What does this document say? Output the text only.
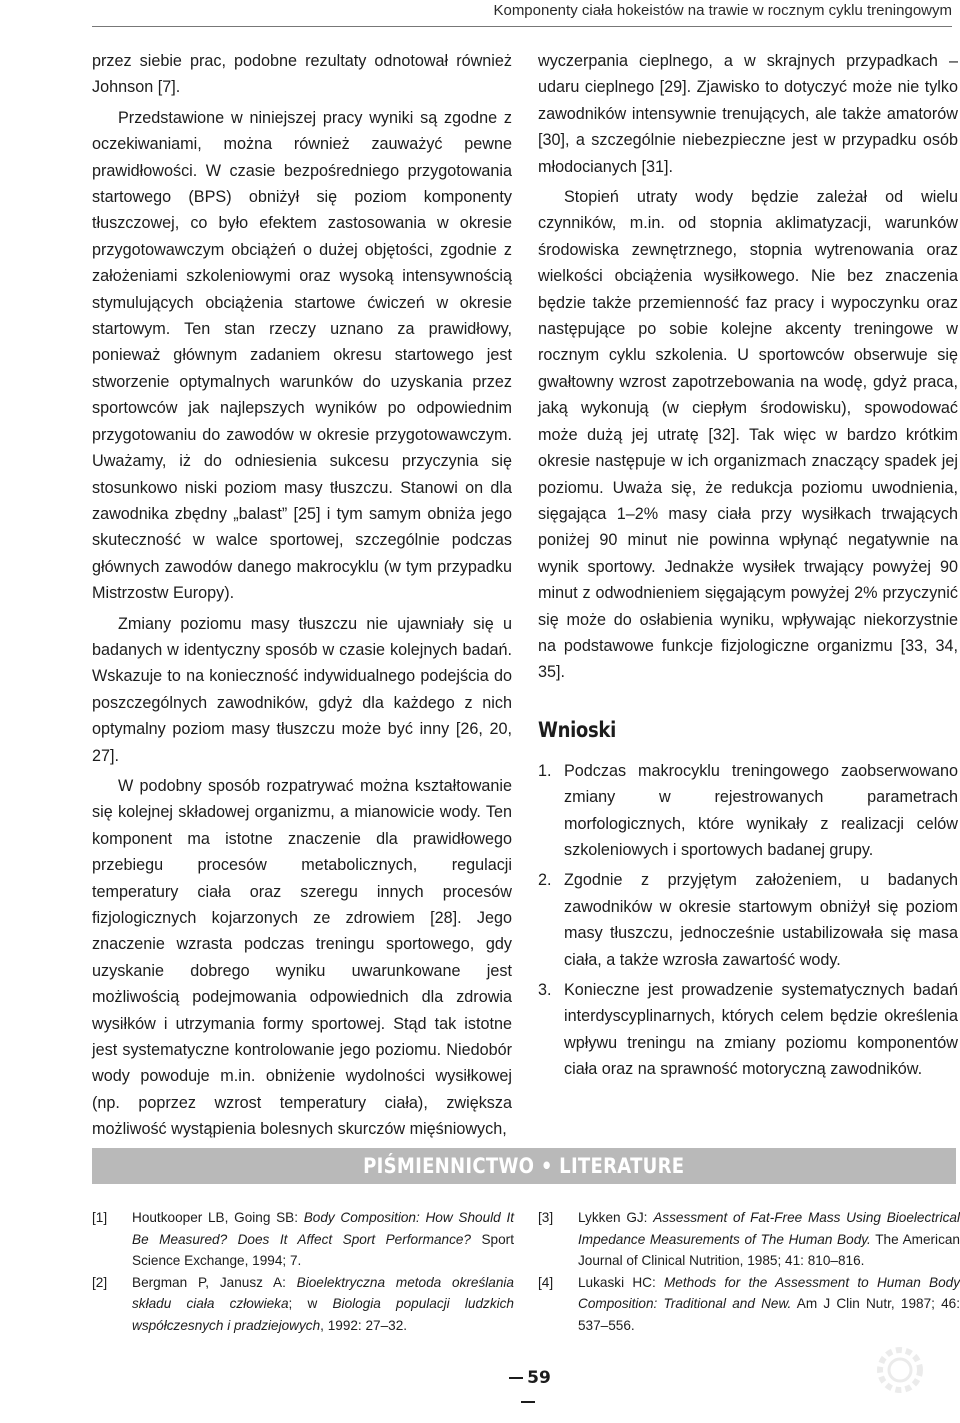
Komponenty ciała hokeistów na trawie w rocznym cyklu treningowym

przez siebie prac, podobne rezultaty odnotował również Johnson [7].

Przedstawione w niniejszej pracy wyniki są zgodne z oczekiwaniami, można również zauważyć pewne prawidłowości. W czasie bezpośredniego przygotowania startowego (BPS) obniżył się poziom komponenty tłuszczowej, co było efektem zastosowania w okresie przygotowawczym obciążeń o dużej objętości, zgodnie z założeniami szkoleniowymi oraz wysoką intensywnością stymulujących obciążenia startowe ćwiczeń w okresie startowym. Ten stan rzeczy uznano za prawidłowy, ponieważ głównym zadaniem okresu startowego jest stworzenie optymalnych warunków do uzyskania przez sportowców jak najlepszych wyników po odpowiednim przygotowaniu do zawodów w okresie przygotowawczym. Uważamy, iż do odniesienia sukcesu przyczynia się stosunkowo niski poziom masy tłuszczu. Stanowi on dla zawodnika zbędny „balast” [25] i tym samym obniża jego skuteczność w walce sportowej, szczególnie podczas głównych zawodów danego makrocyklu (w tym przypadku Mistrzostw Europy).

Zmiany poziomu masy tłuszczu nie ujawniały się u badanych w identyczny sposób w czasie kolejnych badań. Wskazuje to na konieczność indywidualnego podejścia do poszczególnych zawodników, gdyż dla każdego z nich optymalny poziom masy tłuszczu może być inny [26, 20, 27].

W podobny sposób rozpatrywać można kształtowanie się kolejnej składowej organizmu, a mianowicie wody. Ten komponent ma istotne znaczenie dla prawidłowego przebiegu procesów metabolicznych, regulacji temperatury ciała oraz szeregu innych procesów fizjologicznych kojarzonych ze zdrowiem [28]. Jego znaczenie wzrasta podczas treningu sportowego, gdy uzyskanie dobrego wyniku uwarunkowane jest możliwością podejmowania odpowiednich dla zdrowia wysiłków i utrzymania formy sportowej. Stąd tak istotne jest systematyczne kontrolowanie jego poziomu. Niedobór wody powoduje m.in. obniżenie wydolności wysiłkowej (np. poprzez wzrost temperatury ciała), zwiększa możliwość wystąpienia bolesnych skurczów mięśniowych,

wyczerpania cieplnego, a w skrajnych przypadkach – udaru cieplnego [29]. Zjawisko to dotyczyć może nie tylko zawodników intensywnie trenujących, ale także amatorów [30], a szczególnie niebezpieczne jest w przypadku osób młodocianych [31].

Stopień utraty wody będzie zależał od wielu czynników, m.in. od stopnia aklimatyzacji, warunków środowiska zewnętrznego, stopnia wytrenowania oraz wielkości obciążenia wysiłkowego. Nie bez znaczenia będzie także przemienność faz pracy i wypoczynku oraz następujące po sobie kolejne akcenty treningowe w rocznym cyklu szkolenia. U sportowców obserwuje się gwałtowny wzrost zapotrzebowania na wodę, gdyż praca, jaką wykonują (w ciepłym środowisku), spowodować może dużą jej utratę [32]. Tak więc w bardzo krótkim okresie następuje w ich organizmach znaczący spadek jej poziomu. Uważa się, że redukcja poziomu uwodnienia, sięgająca 1–2% masy ciała przy wysiłkach trwających poniżej 90 minut nie powinna wpłynąć negatywnie na wynik sportowy. Jednakże wysiłek trwający powyżej 90 minut z odwodnieniem sięgającym powyżej 2% przyczynić się może do osłabienia wyniku, wpływając niekorzystnie na podstawowe funkcje fizjologiczne organizmu [33, 34, 35].

Wnioski
1. Podczas makrocyklu treningowego zaobserwowano zmiany w rejestrowanych parametrach morfologicznych, które wynikały z realizacji celów szkoleniowych i sportowych badanej grupy.
2. Zgodnie z przyjętym założeniem, u badanych zawodników w okresie startowym obniżył się poziom masy tłuszczu, jednocześnie ustabilizowała się masa ciała, a także wzrosła zawartość wody.
3. Konieczne jest prowadzenie systematycznych badań interdyscyplinarnych, których celem będzie określenia wpływu treningu na zmiany poziomu komponentów ciała oraz na sprawność motoryczną zawodników.
PIŚMIENNICTWO • LITERATURE
[1]	Houtkooper LB, Going SB: Body Composition: How Should It Be Measured? Does It Affect Sport Performance? Sport Science Exchange, 1994; 7.
[2]	Bergman P, Janusz A: Bioelektryczna metoda określania składu ciała człowieka; w Biologia populacji ludzkich współczesnych i pradziejowych, 1992: 27–32.
[3]	Lykken GJ: Assessment of Fat-Free Mass Using Bioelectrical Impedance Measurements of The Human Body. The American Journal of Clinical Nutrition, 1985; 41: 810–816.
[4]	Lukaski HC: Methods for the Assessment to Human Body Composition: Traditional and New. Am J Clin Nutr, 1987; 46: 537–556.
59
